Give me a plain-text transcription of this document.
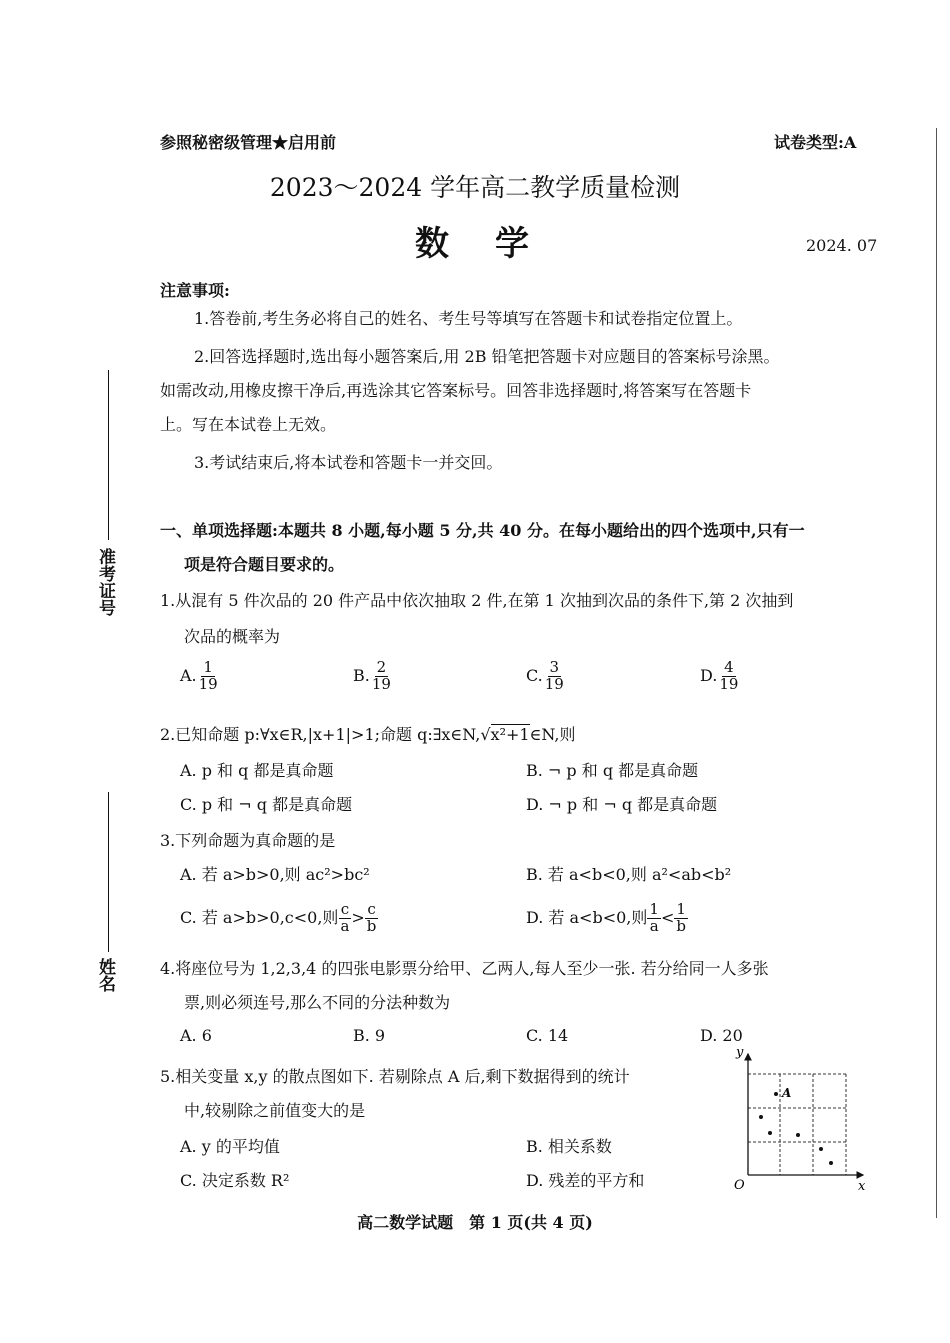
参照秘密级管理★启用前	试卷类型:A
2023～2024 学年高二教学质量检测
数　学	2024. 07
准考证号
姓名
注意事项:
1.答卷前,考生务必将自己的姓名、考生号等填写在答题卡和试卷指定位置上。
2.回答选择题时,选出每小题答案后,用 2B 铅笔把答题卡对应题目的答案标号涂黑。
如需改动,用橡皮擦干净后,再选涂其它答案标号。回答非选择题时,将答案写在答题卡
上。写在本试卷上无效。
3.考试结束后,将本试卷和答题卡一并交回。
一、单项选择题:本题共 8 小题,每小题 5 分,共 40 分。在每小题给出的四个选项中,只有一
项是符合题目要求的。
1.从混有 5 件次品的 20 件产品中依次抽取 2 件,在第 1 次抽到次品的条件下,第 2 次抽到
次品的概率为
A. $\frac{1}{19}$	B. $\frac{2}{19}$	C. $\frac{3}{19}$	D. $\frac{4}{19}$
2.已知命题 p:∀x∈R,|x+1|>1;命题 q:∃x∈N,√x²+1∈N,则
A. p 和 q 都是真命题	B. ¬ p 和 q 都是真命题
C. p 和 ¬ q 都是真命题	D. ¬ p 和 ¬ q 都是真命题
3.下列命题为真命题的是
A. 若 a>b>0,则 ac²>bc²	B. 若 a<b<0,则 a²<ab<b²
C. 若 a>b>0,c<0,则 $\frac{c}{a} > \frac{c}{b}$	D. 若 a<b<0,则 $\frac{1}{a} < \frac{1}{b}$
4.将座位号为 1,2,3,4 的四张电影票分给甲、乙两人,每人至少一张. 若分给同一人多张
票,则必须连号,那么不同的分法种数为
A. 6	B. 9	C. 14	D. 20
5.相关变量 x,y 的散点图如下. 若剔除点 A 后,剩下数据得到的统计
中,较剔除之前值变大的是
A. y 的平均值	B. 相关系数
C. 决定系数 R²	D. 残差的平方和
y
x
O
A
高二数学试题　第 1 页(共 4 页)
